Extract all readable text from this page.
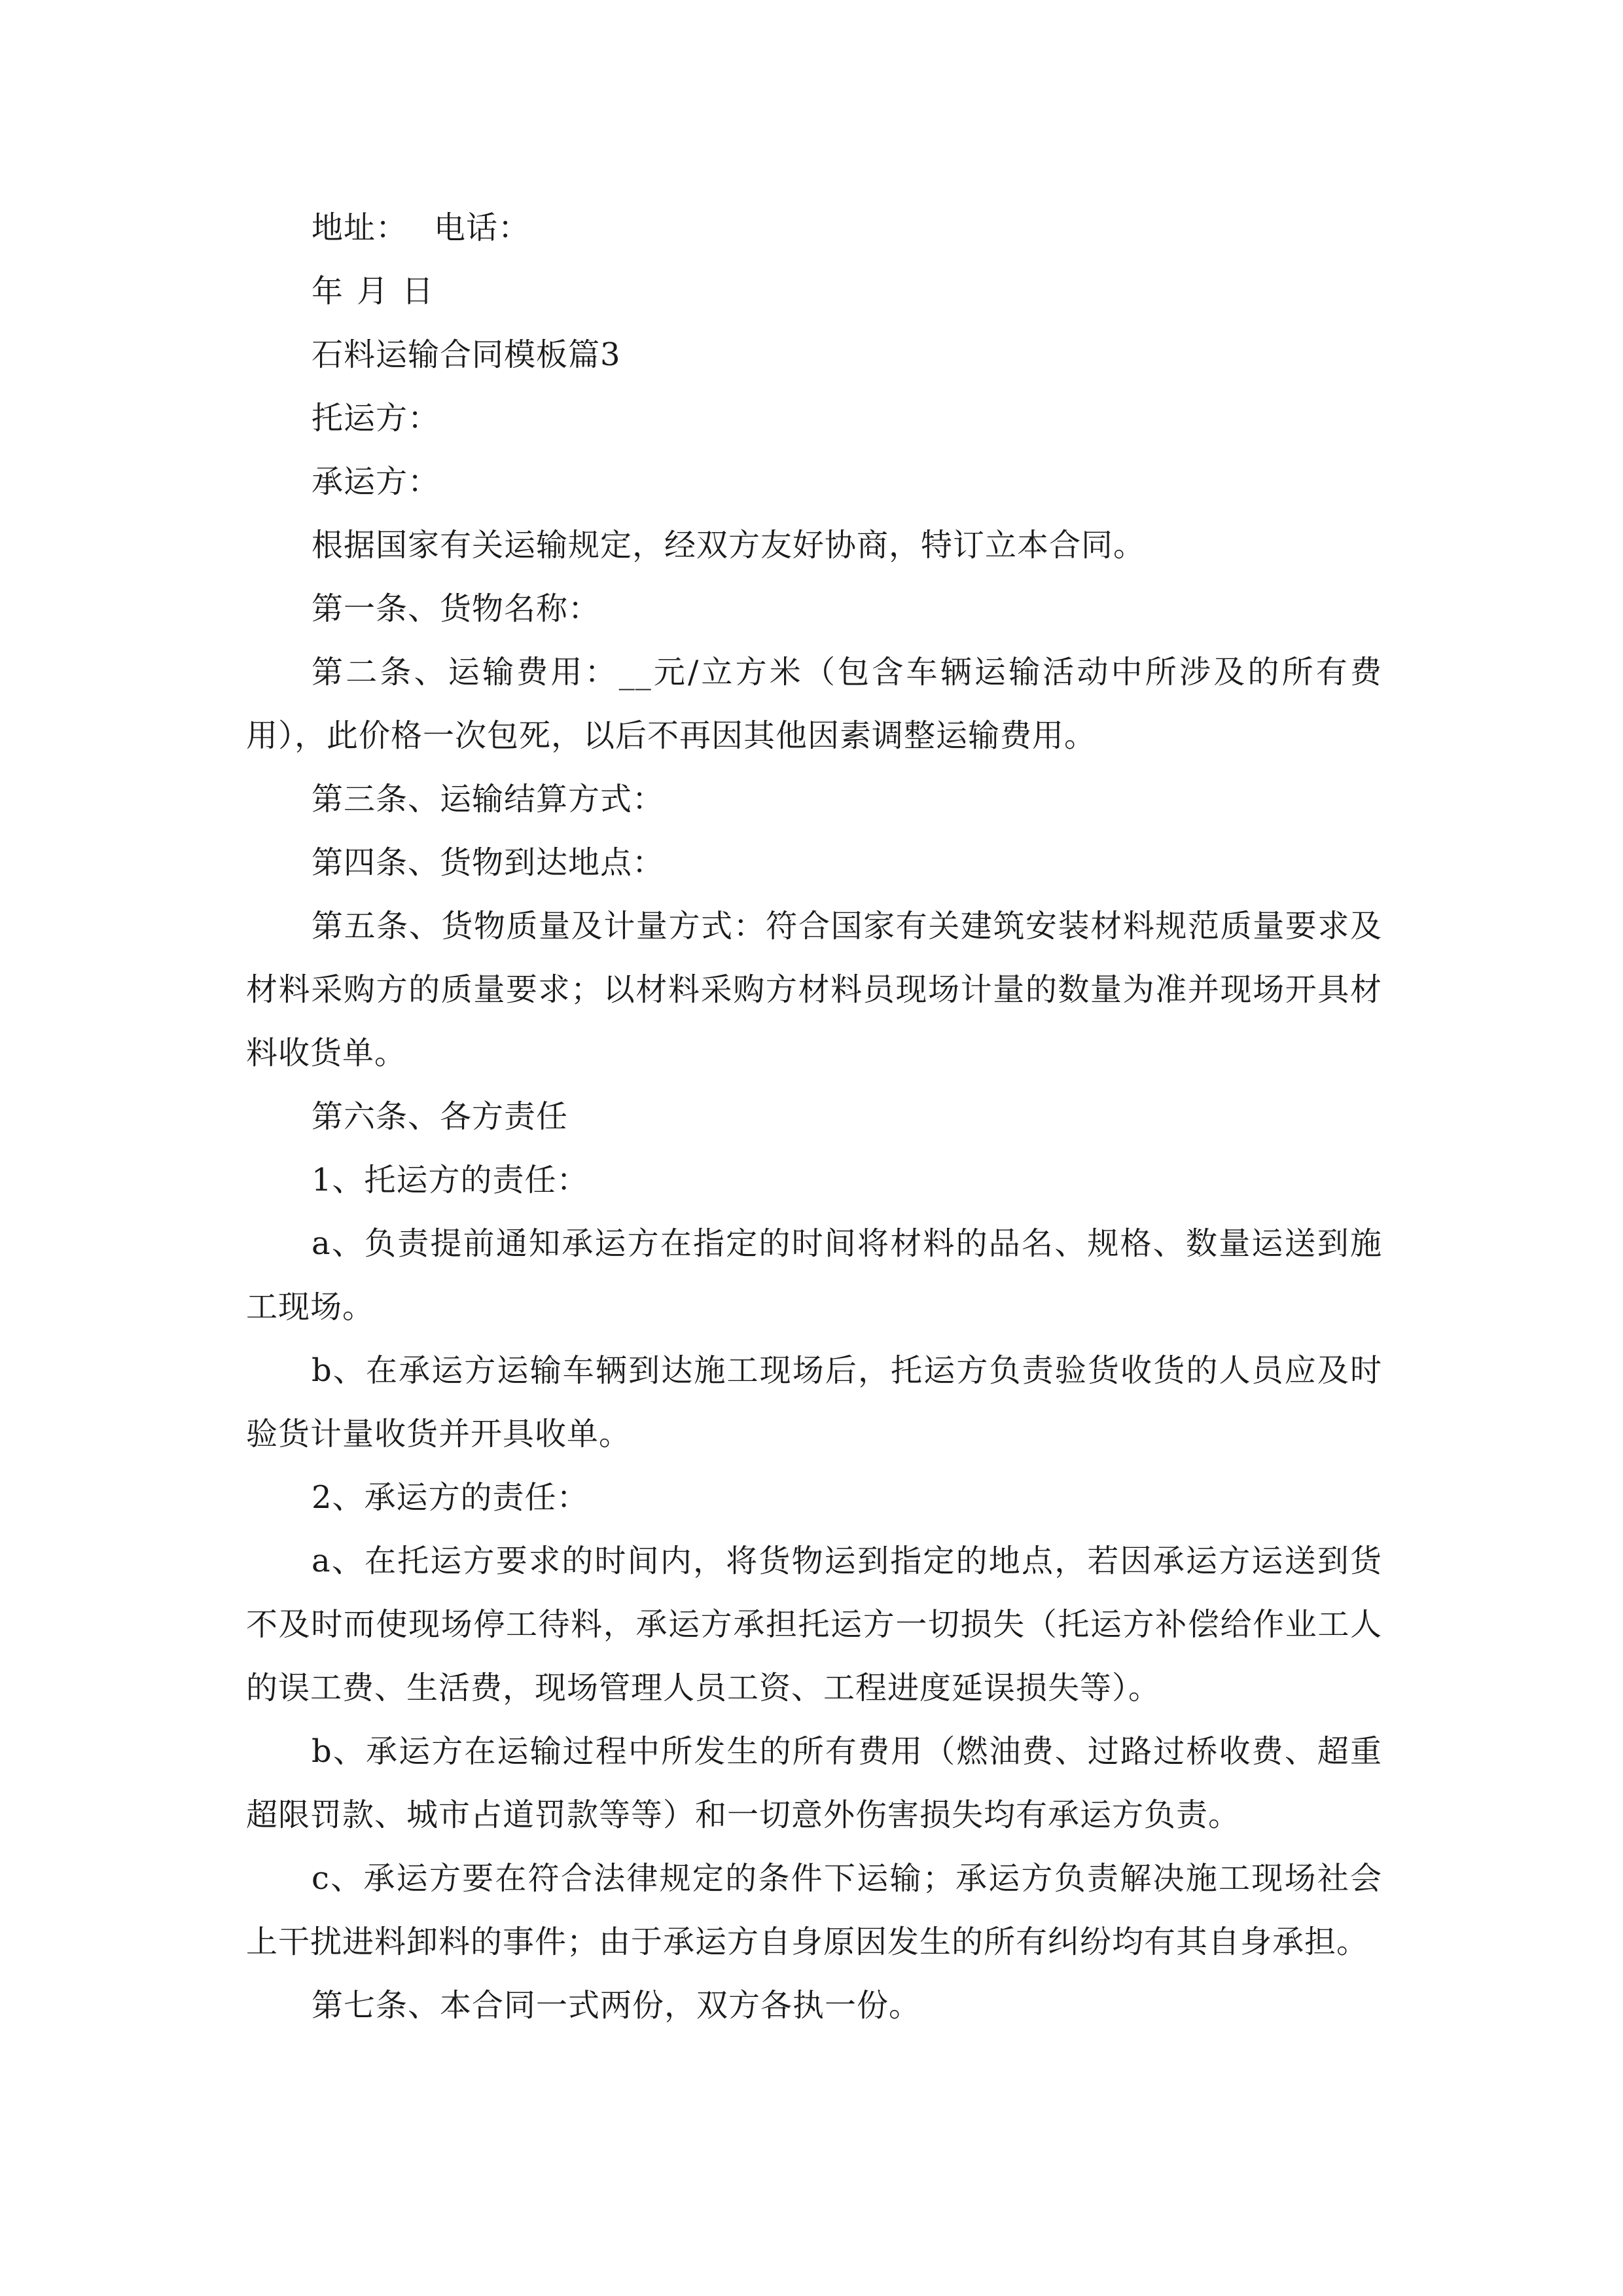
地址： 电话：

年 月 日

石料运输合同模板篇3

托运方：

承运方：

根据国家有关运输规定，经双方友好协商，特订立本合同。

第一条、货物名称：

第二条、运输费用：__元/立方米（包含车辆运输活动中所涉及的所有费用），此价格一次包死，以后不再因其他因素调整运输费用。

第三条、运输结算方式：

第四条、货物到达地点：

第五条、货物质量及计量方式：符合国家有关建筑安装材料规范质量要求及材料采购方的质量要求；以材料采购方材料员现场计量的数量为准并现场开具材料收货单。

第六条、各方责任

1、托运方的责任：

a、负责提前通知承运方在指定的时间将材料的品名、规格、数量运送到施工现场。

b、在承运方运输车辆到达施工现场后，托运方负责验货收货的人员应及时验货计量收货并开具收单。

2、承运方的责任：

a、在托运方要求的时间内，将货物运到指定的地点，若因承运方运送到货不及时而使现场停工待料，承运方承担托运方一切损失（托运方补偿给作业工人的误工费、生活费，现场管理人员工资、工程进度延误损失等）。

b、承运方在运输过程中所发生的所有费用（燃油费、过路过桥收费、超重超限罚款、城市占道罚款等等）和一切意外伤害损失均有承运方负责。

c、承运方要在符合法律规定的条件下运输；承运方负责解决施工现场社会上干扰进料卸料的事件；由于承运方自身原因发生的所有纠纷均有其自身承担。

第七条、本合同一式两份，双方各执一份。
